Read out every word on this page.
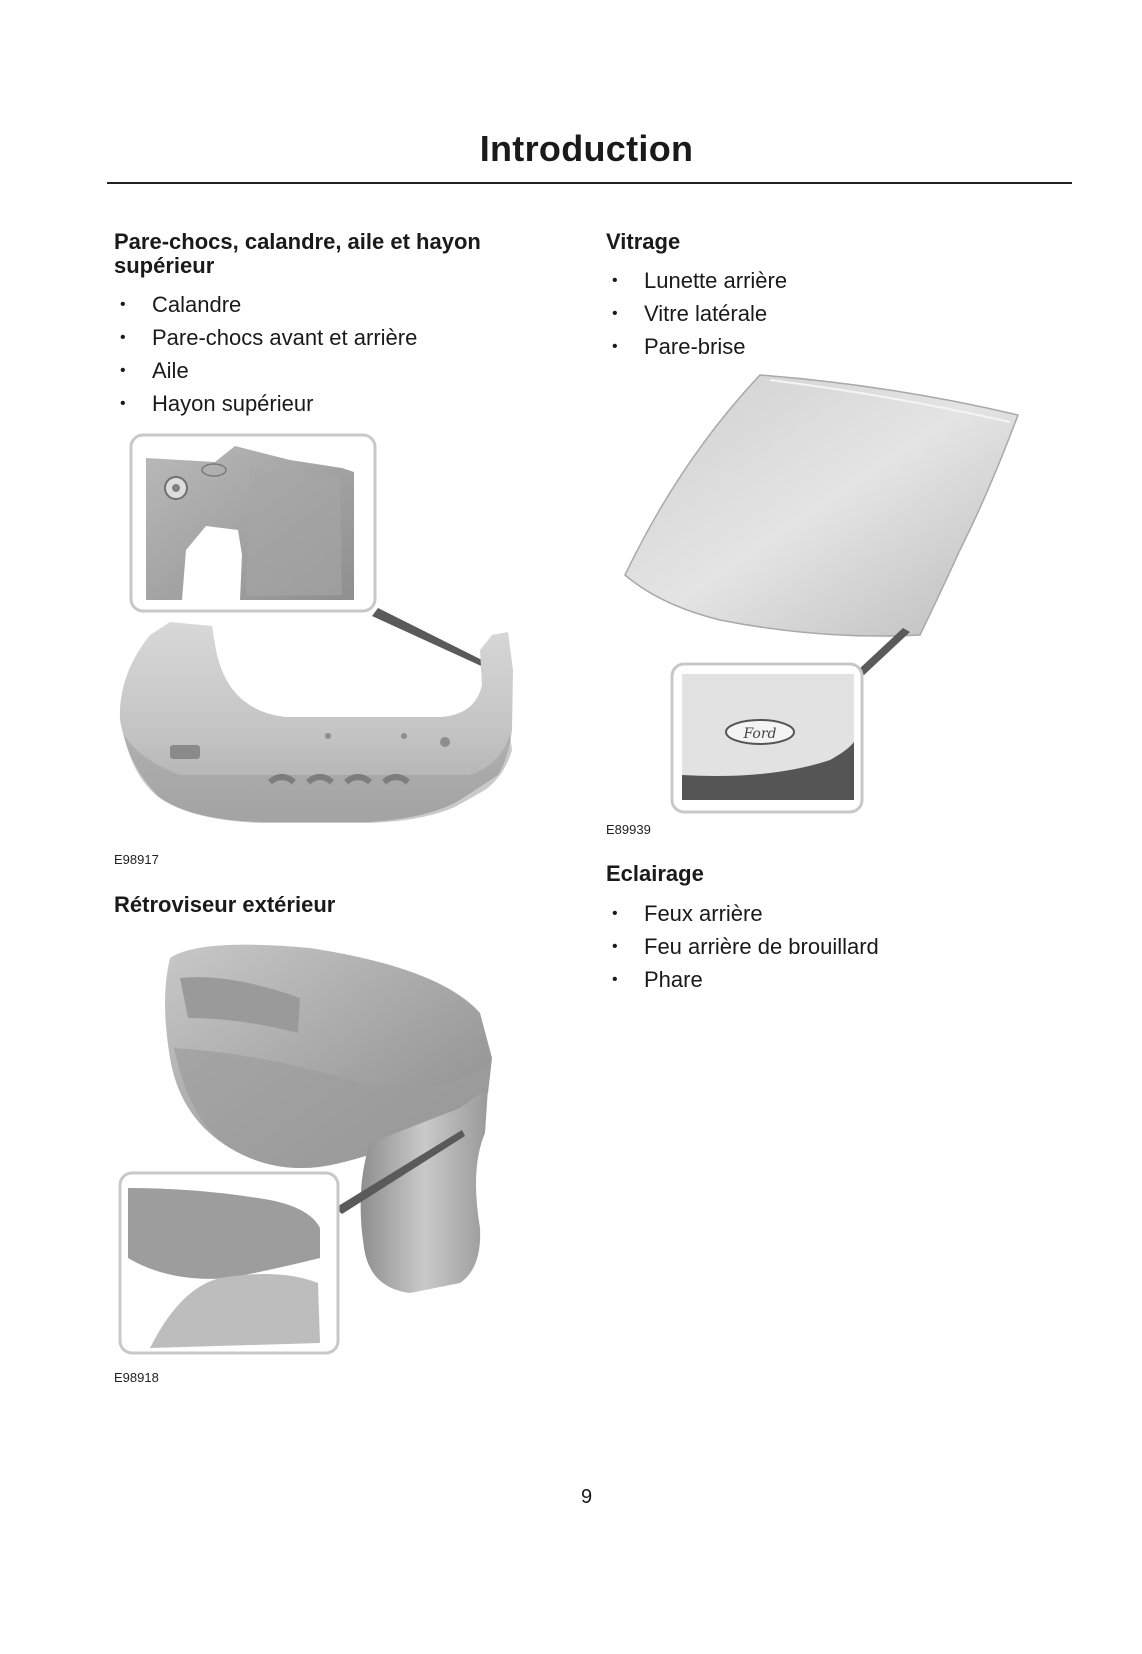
Introduction
Pare-chocs, calandre, aile et hayon
supérieur
• Calandre
• Pare-chocs avant et arrière
• Aile
• Hayon supérieur
E98917
Rétroviseur extérieur
E98918
Vitrage
• Lunette arrière
• Vitre latérale
• Pare-brise
Ford
E89939
Eclairage
• Feux arrière
• Feu arrière de brouillard
• Phare
9
